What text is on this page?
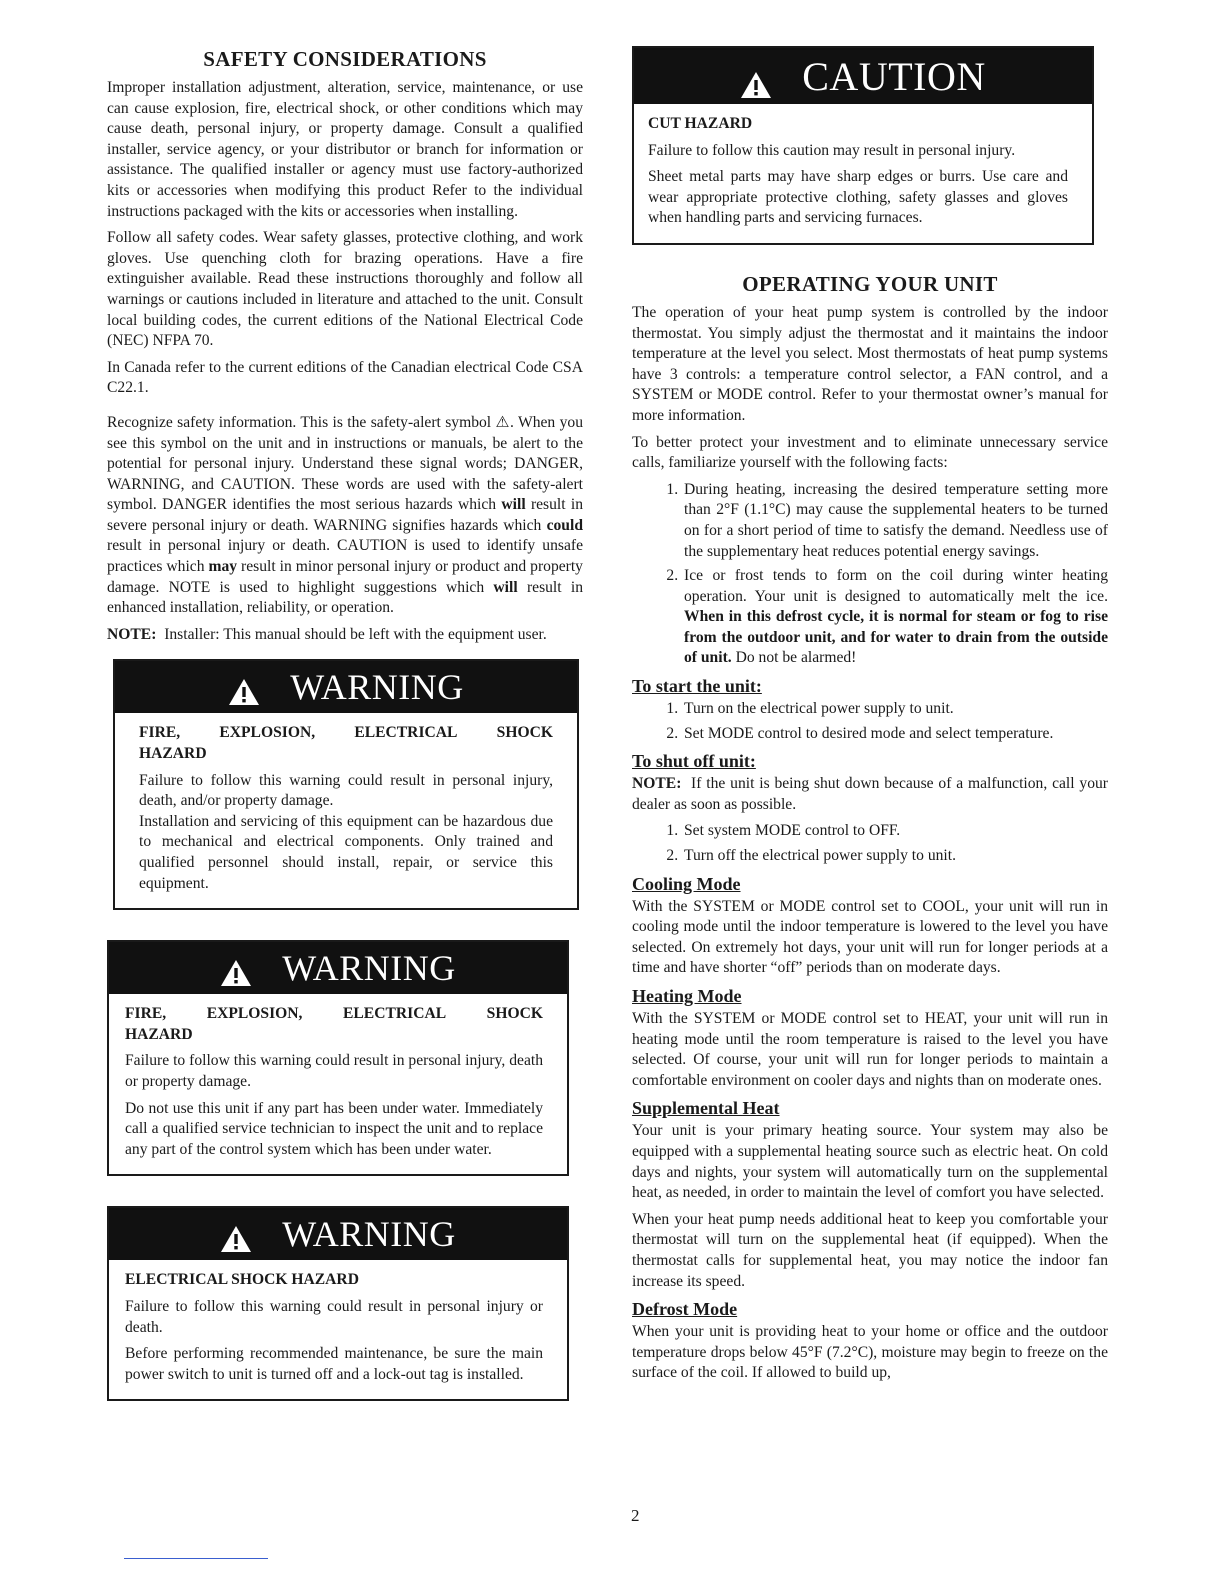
SAFETY CONSIDERATIONS

Improper installation adjustment, alteration, service, maintenance, or use can cause explosion, fire, electrical shock, or other conditions which may cause death, personal injury, or property damage. Consult a qualified installer, service agency, or your distributor or branch for information or assistance. The qualified installer or agency must use factory-authorized kits or accessories when modifying this product Refer to the individual instructions packaged with the kits or accessories when installing.

Follow all safety codes. Wear safety glasses, protective clothing, and work gloves. Use quenching cloth for brazing operations. Have a fire extinguisher available. Read these instructions thoroughly and follow all warnings or cautions included in literature and attached to the unit. Consult local building codes, the current editions of the National Electrical Code (NEC) NFPA 70.

In Canada refer to the current editions of the Canadian electrical Code CSA C22.1.

Recognize safety information. This is the safety-alert symbol ⚠. When you see this symbol on the unit and in instructions or manuals, be alert to the potential for personal injury. Understand these signal words; DANGER, WARNING, and CAUTION. These words are used with the safety-alert symbol. DANGER identifies the most serious hazards which will result in severe personal injury or death. WARNING signifies hazards which could result in personal injury or death. CAUTION is used to identify unsafe practices which may result in minor personal injury or product and property damage. NOTE is used to highlight suggestions which will result in enhanced installation, reliability, or operation.

NOTE:  Installer: This manual should be left with the equipment user.

WARNING
FIRE,	EXPLOSION,	ELECTRICAL	SHOCK
HAZARD

Failure to follow this warning could result in personal injury, death, and/or property damage.

Installation and servicing of this equipment can be hazardous due to mechanical and electrical components. Only trained and qualified personnel should install, repair, or service this equipment.

WARNING
FIRE,	EXPLOSION,	ELECTRICAL	SHOCK
HAZARD

Failure to follow this warning could result in personal injury, death or property damage.

Do not use this unit if any part has been under water. Immediately call a qualified service technician to inspect the unit and to replace any part of the control system which has been under water.

WARNING
ELECTRICAL SHOCK HAZARD

Failure to follow this warning could result in personal injury or death.

Before performing recommended maintenance, be sure the main power switch to unit is turned off and a lock-out tag is installed.

CAUTION
CUT HAZARD

Failure to follow this caution may result in personal injury.

Sheet metal parts may have sharp edges or burrs. Use care and wear appropriate protective clothing, safety glasses and gloves when handling parts and servicing furnaces.

OPERATING YOUR UNIT

The operation of your heat pump system is controlled by the indoor thermostat. You simply adjust the thermostat and it maintains the indoor temperature at the level you select. Most thermostats of heat pump systems have 3 controls: a temperature control selector, a FAN control, and a SYSTEM or MODE control. Refer to your thermostat owner’s manual for more information.

To better protect your investment and to eliminate unnecessary service calls, familiarize yourself with the following facts:

1. During heating, increasing the desired temperature setting more than 2°F (1.1°C) may cause the supplemental heaters to be turned on for a short period of time to satisfy the demand. Needless use of the supplementary heat reduces potential energy savings.
2. Ice or frost tends to form on the coil during winter heating operation. Your unit is designed to automatically melt the ice. When in this defrost cycle, it is normal for steam or fog to rise from the outdoor unit, and for water to drain from the outside of unit. Do not be alarmed!
To start the unit:
1. Turn on the electrical power supply to unit.
2. Set MODE control to desired mode and select temperature.
To shut off unit:

NOTE:  If the unit is being shut down because of a malfunction, call your dealer as soon as possible.

1. Set system MODE control to OFF.
2. Turn off the electrical power supply to unit.
Cooling Mode

With the SYSTEM or MODE control set to COOL, your unit will run in cooling mode until the indoor temperature is lowered to the level you have selected. On extremely hot days, your unit will run for longer periods at a time and have shorter “off” periods than on moderate days.

Heating Mode

With the SYSTEM or MODE control set to HEAT, your unit will run in heating mode until the room temperature is raised to the level you have selected. Of course, your unit will run for longer periods to maintain a comfortable environment on cooler days and nights than on moderate ones.

Supplemental Heat

Your unit is your primary heating source. Your system may also be equipped with a supplemental heating source such as electric heat. On cold days and nights, your system will automatically turn on the supplemental heat, as needed, in order to maintain the level of comfort you have selected.

When your heat pump needs additional heat to keep you comfortable your thermostat will turn on the supplemental heat (if equipped). When the thermostat calls for supplemental heat, you may notice the indoor fan increase its speed.

Defrost Mode

When your unit is providing heat to your home or office and the outdoor temperature drops below 45°F (7.2°C), moisture may begin to freeze on the surface of the coil. If allowed to build up,

2
